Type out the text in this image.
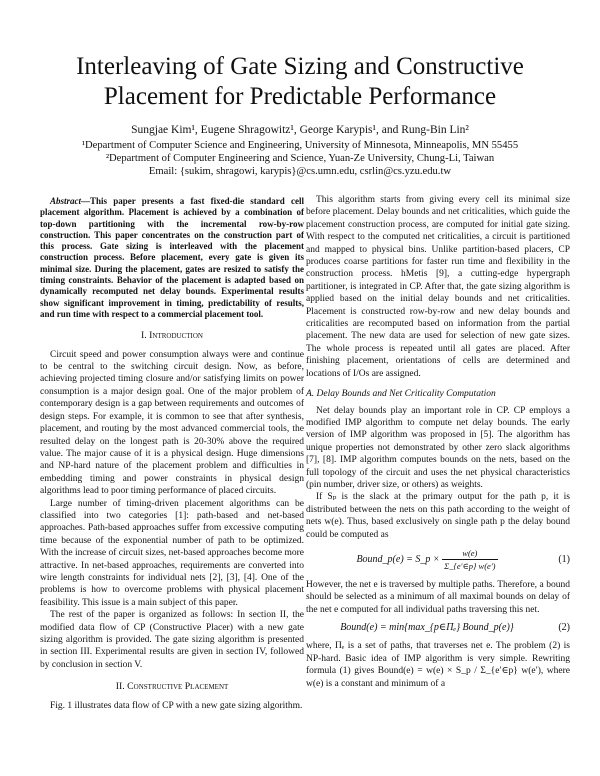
Interleaving of Gate Sizing and Constructive Placement for Predictable Performance
Sungjae Kim¹, Eugene Shragowitz¹, George Karypis¹, and Rung-Bin Lin²
¹Department of Computer Science and Engineering, University of Minnesota, Minneapolis, MN 55455
²Department of Computer Engineering and Science, Yuan-Ze University, Chung-Li, Taiwan
Email: {sukim, shragowi, karypis}@cs.umn.edu, csrlin@cs.yzu.edu.tw

Abstract—This paper presents a fast fixed-die standard cell placement algorithm. Placement is achieved by a combination of top-down partitioning with the incremental row-by-row construction. This paper concentrates on the construction part of this process. Gate sizing is interleaved with the placement construction process. Before placement, every gate is given its minimal size. During the placement, gates are resized to satisfy the timing constraints. Behavior of the placement is adapted based on dynamically recomputed net delay bounds. Experimental results show significant improvement in timing, predictability of results, and run time with respect to a commercial placement tool.

I. Introduction

Circuit speed and power consumption always were and continue to be central to the switching circuit design. Now, as before, achieving projected timing closure and/or satisfying limits on power consumption is a major design goal. One of the major problem of contemporary design is a gap between requirements and outcomes of design steps. For example, it is common to see that after synthesis, placement, and routing by the most advanced commercial tools, the resulted delay on the longest path is 20-30% above the required value. The major cause of it is a physical design. Huge dimensions and NP-hard nature of the placement problem and difficulties in embedding timing and power constraints in physical design algorithms lead to poor timing performance of placed circuits.

Large number of timing-driven placement algorithms can be classified into two categories [1]: path-based and net-based approaches. Path-based approaches suffer from excessive computing time because of the exponential number of path to be optimized. With the increase of circuit sizes, net-based approaches become more attractive. In net-based approaches, requirements are converted into wire length constraints for individual nets [2], [3], [4]. One of the problems is how to overcome problems with physical placement feasibility. This issue is a main subject of this paper.

The rest of the paper is organized as follows: In section II, the modified data flow of CP (Constructive Placer) with a new gate sizing algorithm is provided. The gate sizing algorithm is presented in section III. Experimental results are given in section IV, followed by conclusion in section V.

II. Constructive Placement

Fig. 1 illustrates data flow of CP with a new gate sizing algorithm.

This algorithm starts from giving every cell its minimal size before placement. Delay bounds and net criticalities, which guide the placement construction process, are computed for initial gate sizing. With respect to the computed net criticalities, a circuit is partitioned and mapped to physical bins. Unlike partition-based placers, CP produces coarse partitions for faster run time and flexibility in the construction process. hMetis [9], a cutting-edge hypergraph partitioner, is integrated in CP. After that, the gate sizing algorithm is applied based on the initial delay bounds and net criticalities. Placement is constructed row-by-row and new delay bounds and criticalities are recomputed based on information from the partial placement. The new data are used for selection of new gate sizes. The whole process is repeated until all gates are placed. After finishing placement, orientations of cells are determined and locations of I/Os are assigned.

A. Delay Bounds and Net Criticality Computation

Net delay bounds play an important role in CP. CP employs a modified IMP algorithm to compute net delay bounds. The early version of IMP algorithm was proposed in [5]. The algorithm has unique properties not demonstrated by other zero slack algorithms [7], [8]. IMP algorithm computes bounds on the nets, based on the full topology of the circuit and uses the net physical characteristics (pin number, driver size, or others) as weights.

If Sₚ is the slack at the primary output for the path p, it is distributed between the nets on this path according to the weight of nets w(e). Thus, based exclusively on single path p the delay bound could be computed as

Bound_p(e) = S_p × $\frac{w(e)}{\Sigma\_\{e'\in p\} w(e')}$	(1)

However, the net e is traversed by multiple paths. Therefore, a bound should be selected as a minimum of all maximal bounds on delay of the net e computed for all individual paths traversing this net.

Bound(e) = min{max_{p∈Πₑ} Bound_p(e)}	(2)

where, Πₑ is a set of paths, that traverses net e. The problem (2) is NP-hard. Basic idea of IMP algorithm is very simple. Rewriting formula (1) gives Bound(e) = w(e) × S_p / Σ_{e′∈p} w(e′), where w(e) is a constant and minimum of a
